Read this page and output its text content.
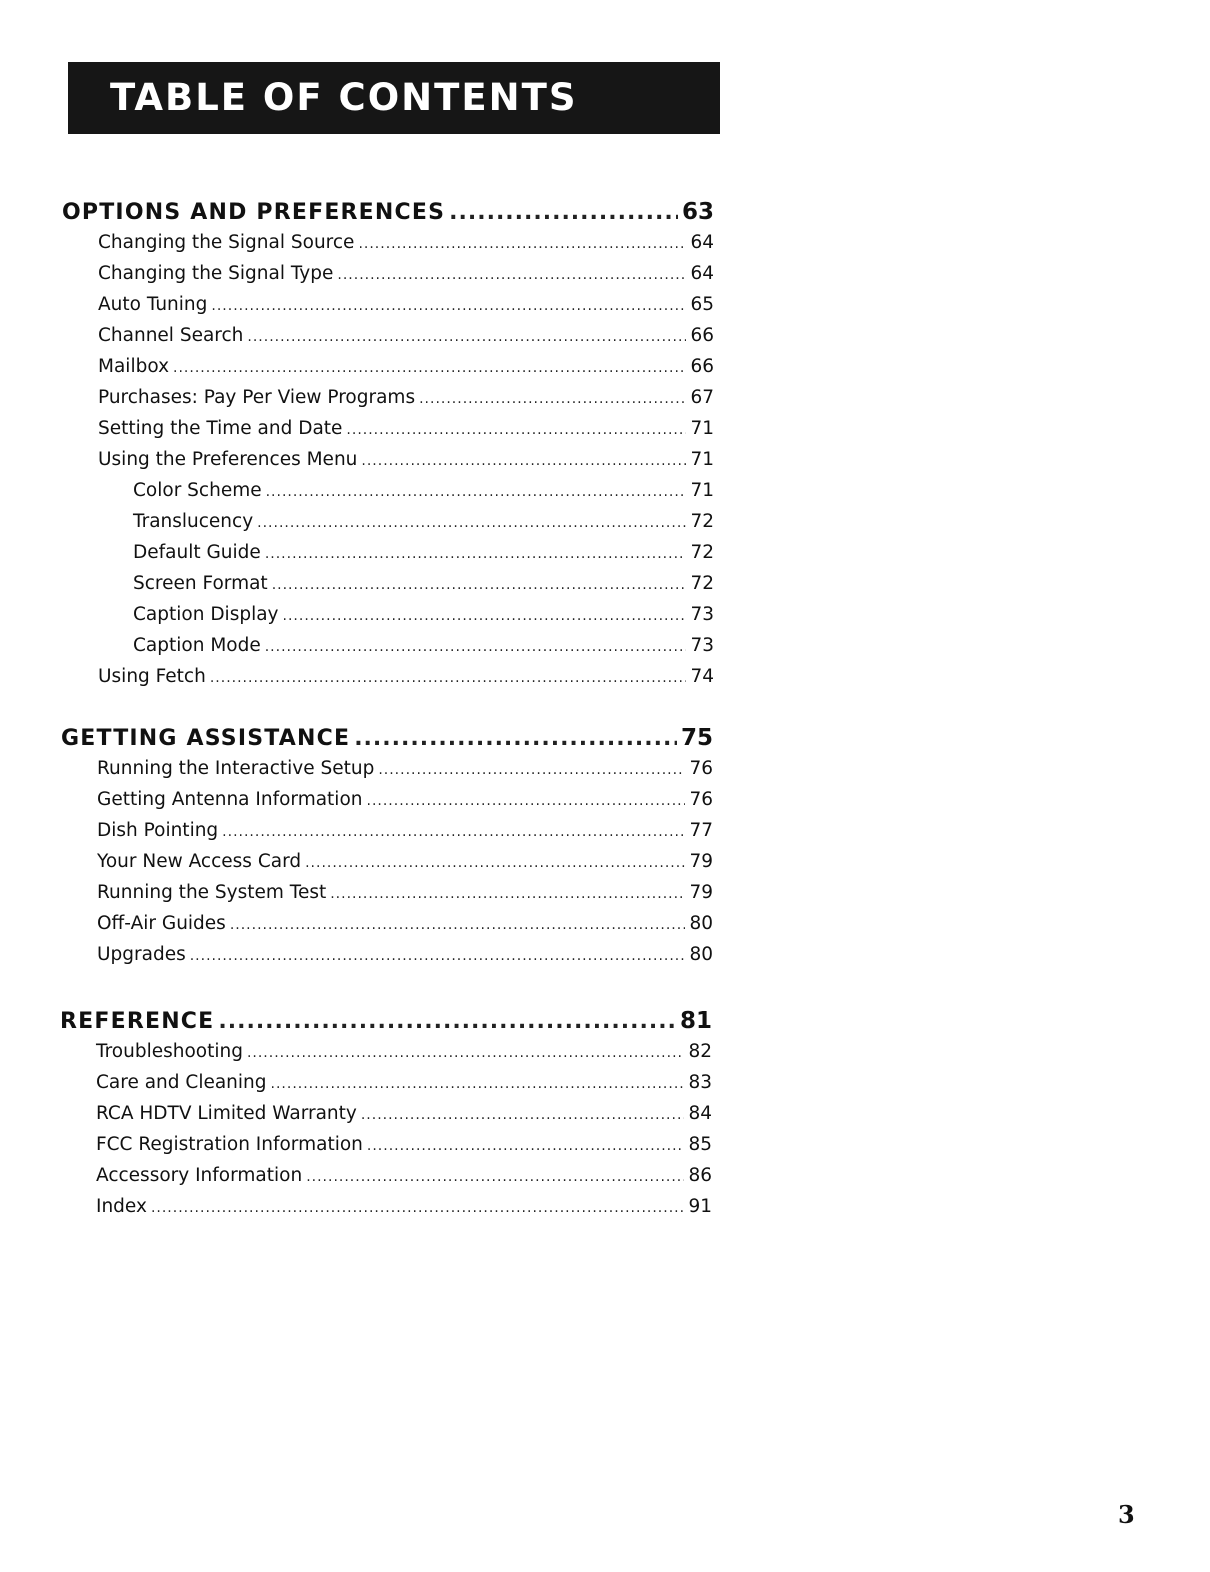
TABLE OF CONTENTS
OPTIONS AND PREFERENCES .....	63
Changing the Signal Source .....	64
Changing the Signal Type .....	64
Auto Tuning .....	65
Channel Search .....	66
Mailbox .....	66
Purchases: Pay Per View Programs .....	67
Setting the Time and Date .....	71
Using the Preferences Menu .....	71
Color Scheme .....	71
Translucency .....	72
Default Guide .....	72
Screen Format .....	72
Caption Display .....	73
Caption Mode .....	73
Using Fetch .....	74
GETTING ASSISTANCE .....	75
Running the Interactive Setup .....	76
Getting Antenna Information .....	76
Dish Pointing .....	77
Your New Access Card .....	79
Running the System Test .....	79
Off-Air Guides .....	80
Upgrades .....	80
REFERENCE .....	81
Troubleshooting .....	82
Care and Cleaning .....	83
RCA HDTV Limited Warranty .....	84
FCC Registration Information .....	85
Accessory Information .....	86
Index .....	91
3
